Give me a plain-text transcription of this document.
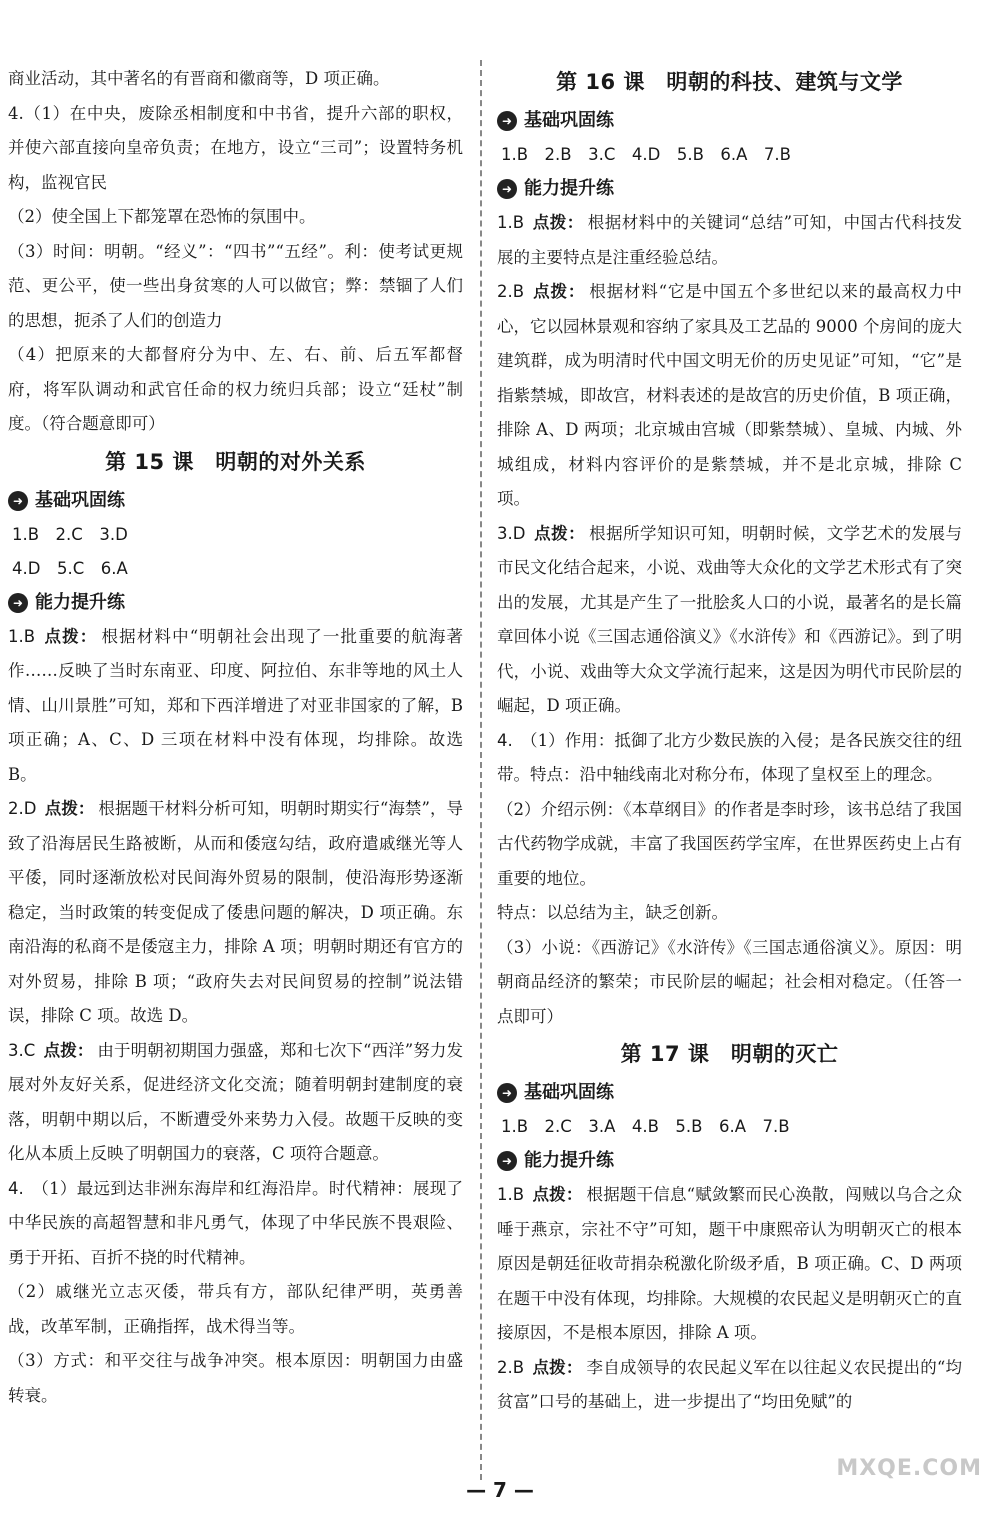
商业活动，其中著名的有晋商和徽商等，D 项正确。
4.（1）在中央，废除丞相制度和中书省，提升六部的职权，并使六部直接向皇帝负责；在地方，设立“三司”；设置特务机构，监视官民
（2）使全国上下都笼罩在恐怖的氛围中。
（3）时间：明朝。“经义”：“四书”“五经”。利：使考试更规范、更公平，使一些出身贫寒的人可以做官；弊：禁锢了人们的思想，扼杀了人们的创造力
（4）把原来的大都督府分为中、左、右、前、后五军都督府，将军队调动和武官任命的权力统归兵部；设立“廷杖”制度。（符合题意即可）
第 15 课　明朝的对外关系
➜ 基础巩固练
1.B　2.C　3.D
4.D　5.C　6.A
➜ 能力提升练
1.B  点拨： 根据材料中“明朝社会出现了一批重要的航海著作……反映了当时东南亚、印度、阿拉伯、东非等地的风土人情、山川景胜”可知，郑和下西洋增进了对亚非国家的了解，B 项正确；A、C、D 三项在材料中没有体现，均排除。故选 B。
2.D  点拨： 根据题干材料分析可知，明朝时期实行“海禁”，导致了沿海居民生路被断，从而和倭寇勾结，政府遣戚继光等人平倭，同时逐渐放松对民间海外贸易的限制，使沿海形势逐渐稳定，当时政策的转变促成了倭患问题的解决，D 项正确。东南沿海的私商不是倭寇主力，排除 A 项；明朝时期还有官方的对外贸易，排除 B 项；“政府失去对民间贸易的控制”说法错误，排除 C 项。故选 D。
3.C  点拨： 由于明朝初期国力强盛，郑和七次下“西洋”努力发展对外友好关系，促进经济文化交流；随着明朝封建制度的衰落，明朝中期以后，不断遭受外来势力入侵。故题干反映的变化从本质上反映了明朝国力的衰落，C 项符合题意。
4.  （1）最远到达非洲东海岸和红海沿岸。时代精神：展现了中华民族的高超智慧和非凡勇气，体现了中华民族不畏艰险、勇于开拓、百折不挠的时代精神。
（2）戚继光立志灭倭，带兵有方，部队纪律严明，英勇善战，改革军制，正确指挥，战术得当等。
（3）方式：和平交往与战争冲突。根本原因：明朝国力由盛转衰。
第 16 课　明朝的科技、建筑与文学
➜ 基础巩固练
1.B　2.B　3.C　4.D　5.B　6.A　7.B
➜ 能力提升练
1.B  点拨： 根据材料中的关键词“总结”可知，中国古代科技发展的主要特点是注重经验总结。
2.B  点拨： 根据材料“它是中国五个多世纪以来的最高权力中心，它以园林景观和容纳了家具及工艺品的 9000 个房间的庞大建筑群，成为明清时代中国文明无价的历史见证”可知，“它”是指紫禁城，即故宫，材料表述的是故宫的历史价值，B 项正确，排除 A、D 两项；北京城由宫城（即紫禁城）、皇城、内城、外城组成，材料内容评价的是紫禁城，并不是北京城，排除 C 项。
3.D  点拨： 根据所学知识可知，明朝时候，文学艺术的发展与市民文化结合起来，小说、戏曲等大众化的文学艺术形式有了突出的发展，尤其是产生了一批脍炙人口的小说，最著名的是长篇章回体小说《三国志通俗演义》《水浒传》和《西游记》。到了明代，小说、戏曲等大众文学流行起来，这是因为明代市民阶层的崛起，D 项正确。
4.  （1）作用：抵御了北方少数民族的入侵；是各民族交往的纽带。特点：沿中轴线南北对称分布，体现了皇权至上的理念。
（2）介绍示例：《本草纲目》的作者是李时珍，该书总结了我国古代药物学成就，丰富了我国医药学宝库，在世界医药史上占有重要的地位。
特点：以总结为主，缺乏创新。
（3）小说：《西游记》《水浒传》《三国志通俗演义》。原因：明朝商品经济的繁荣；市民阶层的崛起；社会相对稳定。（任答一点即可）
第 17 课　明朝的灭亡
➜ 基础巩固练
1.B　2.C　3.A　4.B　5.B　6.A　7.B
➜ 能力提升练
1.B  点拨： 根据题干信息“赋敛繁而民心涣散，闯贼以乌合之众唾于燕京，宗社不守”可知，题干中康熙帝认为明朝灭亡的根本原因是朝廷征收苛捐杂税激化阶级矛盾，B 项正确。C、D 两项在题干中没有体现，均排除。大规模的农民起义是明朝灭亡的直接原因，不是根本原因，排除 A 项。
2.B  点拨： 李自成领导的农民起义军在以往起义农民提出的“均贫富”口号的基础上，进一步提出了“均田免赋”的
— 7 —
MXQE.COM
